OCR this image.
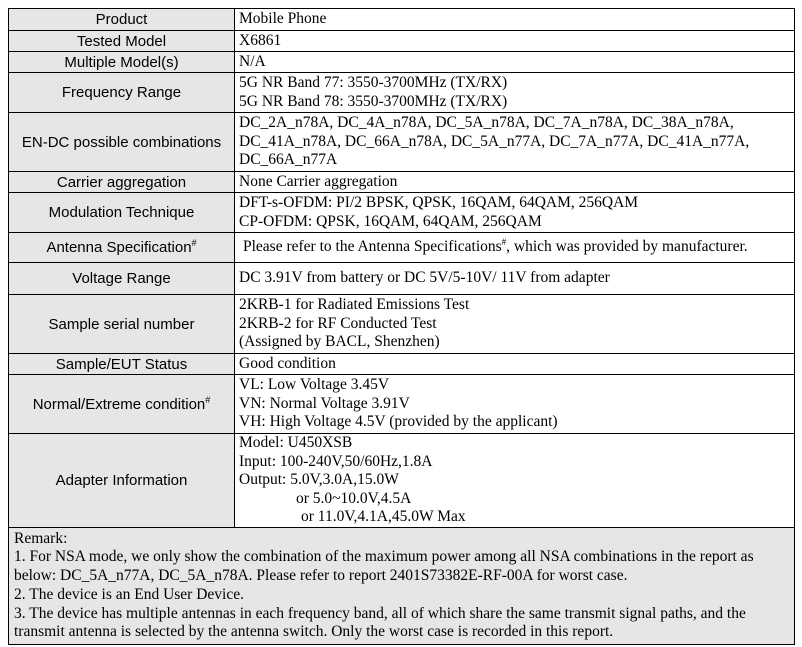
Product	Mobile Phone

Tested Model	X6861

Multiple Model(s)	N/A

Frequency Range	5G NR Band 77: 3550-3700MHz (TX/RX)
5G NR Band 78: 3550-3700MHz (TX/RX)

EN-DC possible combinations	DC_2A_n78A, DC_4A_n78A, DC_5A_n78A, DC_7A_n78A, DC_38A_n78A,
DC_41A_n78A, DC_66A_n78A, DC_5A_n77A, DC_7A_n77A, DC_41A_n77A,
DC_66A_n77A

Carrier aggregation	None Carrier aggregation

Modulation Technique	DFT-s-OFDM: PI/2 BPSK, QPSK, 16QAM, 64QAM, 256QAM
CP-OFDM: QPSK, 16QAM, 64QAM, 256QAM

Antenna Specification#	Please refer to the Antenna Specifications#, which was provided by manufacturer.

Voltage Range	DC 3.91V from battery or DC 5V/5-10V/ 11V from adapter

Sample serial number	2KRB-1 for Radiated Emissions Test
2KRB-2 for RF Conducted Test
(Assigned by BACL, Shenzhen)

Sample/EUT Status	Good condition

Normal/Extreme condition#	VL: Low Voltage 3.45V
VN: Normal Voltage 3.91V
VH: High Voltage 4.5V (provided by the applicant)

Adapter Information	Model: U450XSB
Input: 100-240V,50/60Hz,1.8A
Output: 5.0V,3.0A,15.0W
or 5.0~10.0V,4.5A
or 11.0V,4.1A,45.0W Max
Remark:
1. For NSA mode, we only show the combination of the maximum power among all NSA combinations in the report as below: DC_5A_n77A, DC_5A_n78A. Please refer to report 2401S73382E-RF-00A for worst case.
2. The device is an End User Device.
3. The device has multiple antennas in each frequency band, all of which share the same transmit signal paths, and the transmit antenna is selected by the antenna switch. Only the worst case is recorded in this report.
